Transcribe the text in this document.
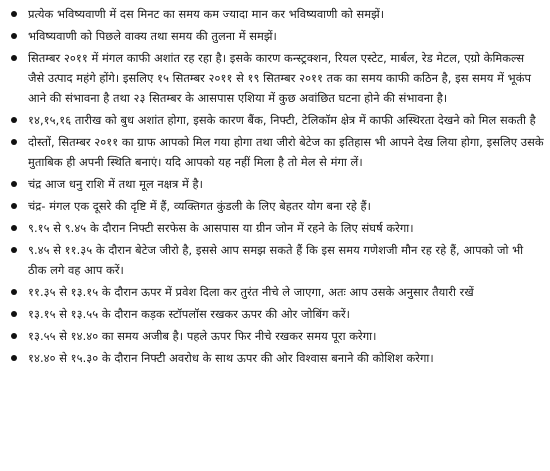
प्रत्येक भविष्यवाणी में दस मिनट का समय कम ज्यादा मान कर भविष्यवाणी को समझें।
भविष्यवाणी को पिछले वाक्य तथा समय की तुलना में समझें।
सितम्बर २०११ में मंगल काफी अशांत रह रहा है। इसके कारण कन्स्ट्रक्शन, रियल एस्टेट, मार्बल, रेड मेटल, एग्रो केमिकल्स जैसे उत्पाद महंगे होंगे। इसलिए १५ सितम्बर २०११ से १९ सितम्बर २०११ तक का समय काफी कठिन है, इस समय में भूकंप आने की संभावना है तथा २३ सितम्बर के आसपास एशिया में कुछ अवांछित घटना होने की संभावना है।
१४,१५,१६ तारीख को बुध अशांत होगा, इसके कारण बैंक, निफ्टी, टेलिकॉम क्षेत्र में काफी अस्थिरता देखने को मिल सकती है
दोस्तों, सितम्बर २०११ का ग्राफ आपको मिल गया होगा तथा जीरो बेटेज का इतिहास भी आपने देख लिया होगा, इसलिए उसके मुताबिक ही अपनी स्थिति बनाएं। यदि आपको यह नहीं मिला है तो मेल से मंगा लें।
चंद्र आज धनु राशि में तथा मूल नक्षत्र में है।
चंद्र- मंगल एक दूसरे की दृष्टि में हैं, व्यक्तिगत कुंडली के लिए बेहतर योग बना रहे हैं।
९.१५ से ९.४५ के दौरान निफ्टी सरफेस के आसपास या ग्रीन जोन में रहने के लिए संघर्ष करेगा।
९.४५ से ११.३५ के दौरान बेटेज जीरो है, इससे आप समझ सकते हैं कि इस समय गणेशजी मौन रह रहे हैं, आपको जो भी ठीक लगे वह आप करें।
११.३५ से १३.१५ के दौरान ऊपर में प्रवेश दिला कर तुरंत नीचे ले जाएगा, अतः आप उसके अनुसार तैयारी रखें
१३.१५ से १३.५५ के दौरान कड़क स्टॉपलॉस रखकर ऊपर की ओर जोबिंग करें।
१३.५५ से १४.४० का समय अजीब है। पहले ऊपर फिर नीचे रखकर समय पूरा करेगा।
१४.४० से १५.३० के दौरान निफ्टी अवरोध के साथ ऊपर की ओर विश्वास बनाने की कोशिश करेगा।
